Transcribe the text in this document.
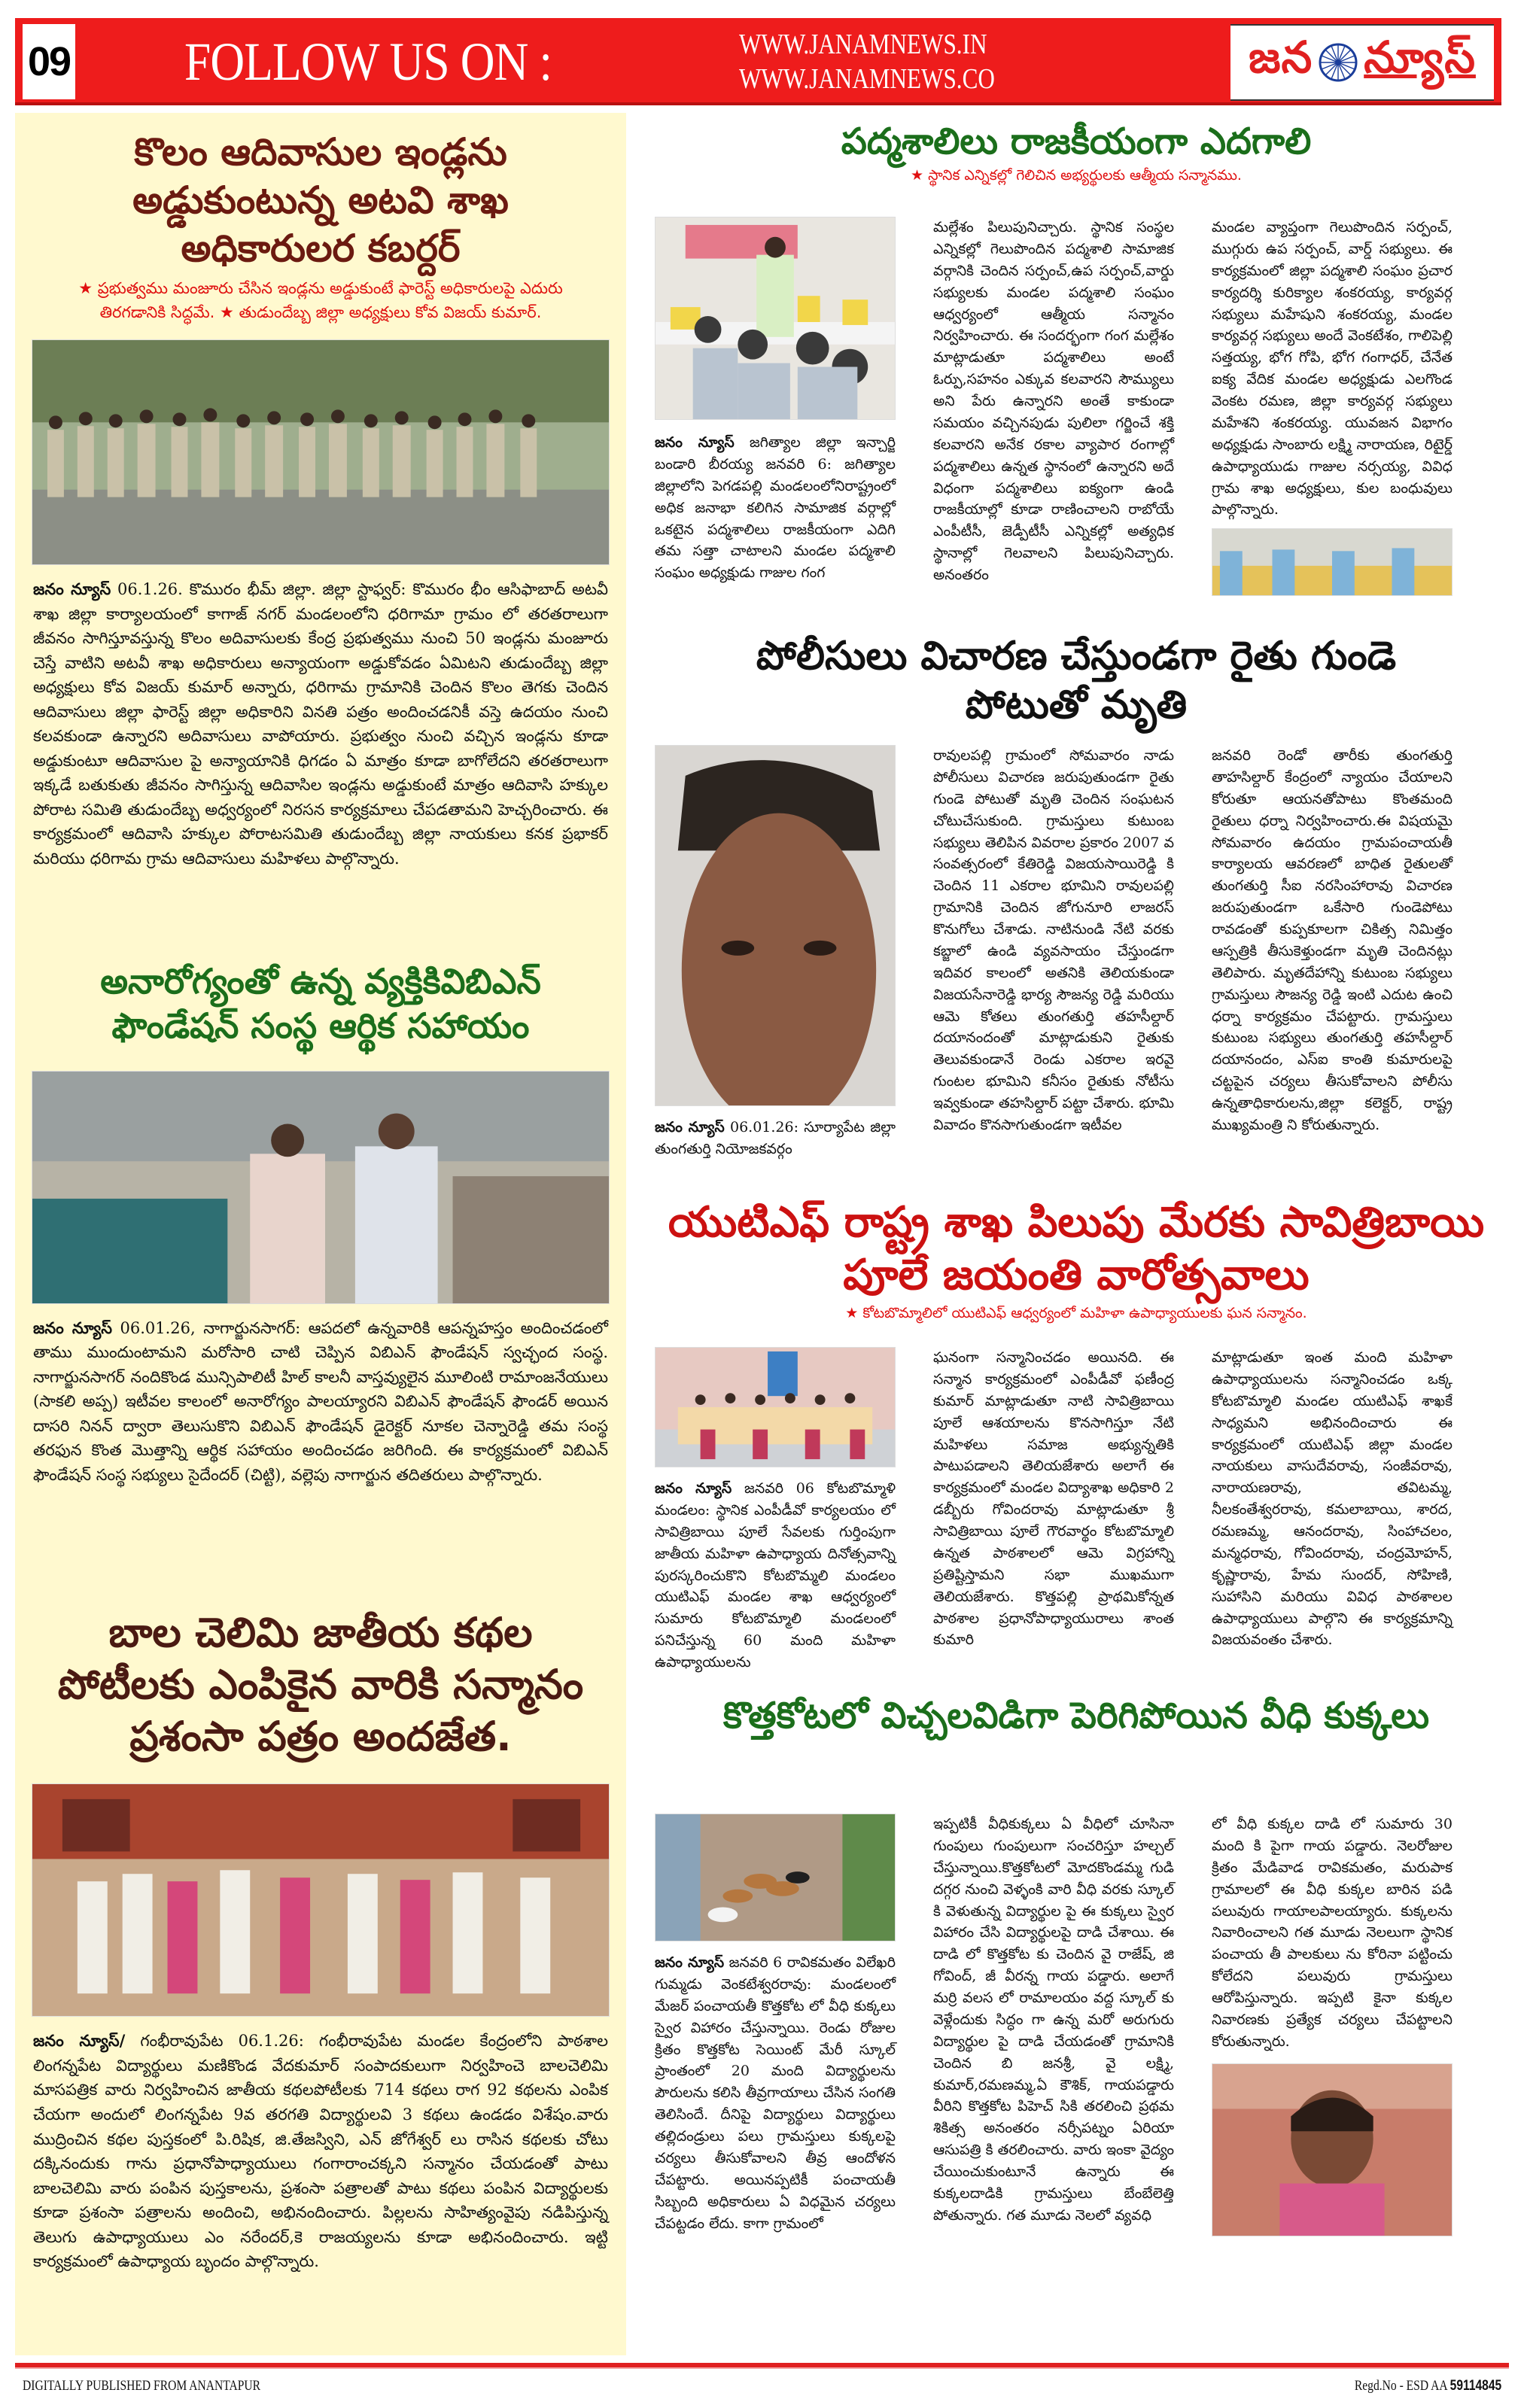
09 FOLLOW US ON :	WWW.JANAMNEWS.IN
WWW.JANAMNEWS.CO	జన న్యూస్
కొలం ఆదివాసుల ఇండ్లను అడ్డుకుంటున్న అటవి శాఖ అధికారులర కబర్దర్
★ ప్రభుత్వము మంజూరు చేసిన ఇండ్లను అడ్డుకుంటే ఫారెస్ట్ అధికారులపై ఎదురు తిరగడానికి సిద్ధమే. ★ తుడుందేబ్బ జిల్లా అధ్యక్షులు కోవ విజయ్ కుమార్.
జనం న్యూస్ 06.1.26. కొమురం భీమ్ జిల్లా. జిల్లా స్టాఫ్వర్: కొమురం భీం ఆసిఫాబాద్ అటవీ శాఖ జిల్లా కార్యాలయంలో కాగాజ్ నగర్ మండలంలోని ధరిగామా గ్రామం లో తరతరాలుగా జీవనం సాగిస్తూవస్తున్న కొలం అదివాసులకు కేంద్ర ప్రభుత్వము నుంచి 50 ఇండ్లను మంజూరు చెస్తే వాటిని అటవీ శాఖ అధికారులు అన్యాయంగా అడ్డుకోవడం ఏమిటని తుడుందేబ్బ జిల్లా అధ్యక్షులు కోవ విజయ్ కుమార్ అన్నారు, ధరిగామ గ్రామానికి చెందిన కొలం తెగకు చెందిన ఆదివాసులు జిల్లా ఫారెస్ట్ జిల్లా అధికారిని వినతి పత్రం అందించడనికీ వస్తె ఉదయం నుంచి కలవకుండా ఉన్నారని అదివాసులు వాపోయారు. ప్రభుత్వం నుంచి వచ్చిన ఇండ్లను కూడా అడ్డుకుంటూ ఆదివాసుల పై అన్యాయానికి ధిగడం ఏ మాత్రం కూడా బాగోలేదని తరతరాలుగా ఇక్కడే బతుకుతు జీవనం సాగిస్తున్న ఆదివాసిల ఇండ్లను అడ్డుకుంటే మాత్రం ఆదివాసి హక్కుల పోరాట సమితి తుడుందేబ్బ అధ్వర్యంలో నిరసన కార్యక్రమాలు చేపడతామని హెచ్చరించారు. ఈ కార్యక్రమంలో ఆదివాసి హక్కుల పోరాటసమితి తుడుందేబ్బ జిల్లా నాయకులు కనక ప్రభాకర్ మరియు ధరిగామ గ్రామ ఆదివాసులు మహిళలు పాల్గొన్నారు.
అనారోగ్యంతో ఉన్న వ్యక్తికివిబిఎన్ ఫౌండేషన్ సంస్థ ఆర్థిక సహాయం
జనం న్యూస్ 06.01.26, నాగార్జునసాగర్: ఆపదలో ఉన్నవారికి ఆపన్నహస్తం అందించడంలో తాము ముందుంటామని మరోసారి చాటి చెప్పిన విబిఎన్ ఫౌండేషన్ స్వచ్ఛంద సంస్థ. నాగార్జునసాగర్ నందికొండ మున్సిపాలిటీ హిల్ కాలనీ వాస్తవ్యులైన మూలింటి రామాంజనేయులు (సాకలి అప్ప) ఇటీవల కాలంలో అనారోగ్యం పాలయ్యారని విబిఎన్ ఫౌండేషన్ ఫౌండర్ అయిన దాసరి నినన్ ద్వారా తెలుసుకొని విబిఎన్ ఫౌండేషన్ డైరెక్టర్ నూకల చెన్నారెడ్డి తమ సంస్థ తరఫున కొంత మొత్తాన్ని ఆర్థిక సహాయం అందించడం జరిగింది. ఈ కార్యక్రమంలో విబిఎన్ ఫౌండేషన్ సంస్థ సభ్యులు సైదేందర్ (చిట్టి), వల్లెపు నాగార్జున తదితరులు పాల్గొన్నారు.
బాల చెలిమి జాతీయ కథల పోటీలకు ఎంపికైన వారికి సన్మానం ప్రశంసా పత్రం అందజేత.
జనం న్యూస్/ గంభీరావుపేట 06.1.26: గంభీరావుపేట మండల కేంద్రంలోని పాఠశాల లింగన్నపేట విద్యార్థులు మణికొండ వేదకుమార్ సంపాదకులుగా నిర్వహించె బాలచెలిమి మాసపత్రిక వారు నిర్వహించిన జాతీయ కథలపోటీలకు 714 కథలు రాగ 92 కథలను ఎంపిక చేయగా అందులో లింగన్నపేట 9వ తరగతి విద్యార్థులవి 3 కథలు ఉండడం విశేషం.వారు ముద్రించిన కథల పుస్తకంలో పి.రిషిక, జి.తేజస్విని, ఎన్ జోగేశ్వర్ లు రాసిన కథలకు చోటు దక్కినందుకు గాను ప్రధానోపాధ్యాయులు గంగారాంచక్కని సన్మానం చేయడంతో పాటు బాలచెలిమి వారు పంపిన పుస్తకాలను, ప్రశంసా పత్రాలతో పాటు కథలు పంపిన విద్యార్థులకు కూడా ప్రశంసా పత్రాలను అందించి, అభినందించారు. పిల్లలను సాహిత్యంవైపు నడిపిస్తున్న తెలుగు ఉపాధ్యాయులు ఎం నరేందర్,కె రాజయ్యలను కూడా అభినందించారు. ఇట్టి కార్యక్రమంలో ఉపాధ్యాయ బృందం పాల్గొన్నారు.
పద్మశాలిలు రాజకీయంగా ఎదగాలి
★ స్థానిక ఎన్నికల్లో గెలిచిన అభ్యర్థులకు ఆత్మీయ సన్మానము.
జనం న్యూస్ జగిత్యాల జిల్లా ఇన్చార్జి బండారి బీరయ్య జనవరి 6: జగిత్యాల జిల్లాలోని పెగడపల్లి మండలంలోనిరాష్ట్రంలో అధిక జనాభా కలిగిన సామాజిక వర్గాల్లో ఒకటైన పద్మశాలిలు రాజకీయంగా ఎదిగి తమ సత్తా చాటాలని మండల పద్మశాలి సంఘం అధ్యక్షుడు గాజుల గంగ
మల్లేశం పిలుపునిచ్చారు. స్థానిక సంస్థల ఎన్నికల్లో గెలుపొందిన పద్మశాలి సామాజిక వర్గానికి చెందిన సర్పంచ్,ఉప సర్పంచ్,వార్డు సభ్యులకు మండల పద్మశాలి సంఘం ఆధ్వర్యంలో ఆత్మీయ సన్మానం నిర్వహించారు. ఈ సందర్భంగా గంగ మల్లేశం మాట్లాడుతూ పద్మశాలిలు అంటే ఓర్పు,సహనం ఎక్కువ కలవారని సౌమ్యులు అని పేరు ఉన్నారని అంతే కాకుండా సమయం వచ్చినపుడు పులిలా గర్జించే శక్తి కలవారని అనేక రకాల వ్యాపార రంగాల్లో పద్మశాలిలు ఉన్నత స్థానంలో ఉన్నారని అదే విధంగా పద్మశాలిలు ఐక్యంగా ఉండి రాజకీయాల్లో కూడా రాణించాలని రాబోయే ఎంపీటీసీ, జెడ్పీటీసీ ఎన్నికల్లో అత్యధిక స్థానాల్లో గెలవాలని పిలుపునిచ్చారు. అనంతరం
మండల వ్యాప్తంగా గెలుపొందిన సర్పంచ్, ముగ్గురు ఉప సర్పంచ్, వార్డ్ సభ్యులు. ఈ కార్యక్రమంలో జిల్లా పద్మశాలి సంఘం ప్రచార కార్యదర్శి కురిక్యాల శంకరయ్య, కార్యవర్గ సభ్యులు మహేషుని శంకరయ్య, మండల కార్యవర్గ సభ్యులు అందే వెంకటేశం, గాలిపెల్లి సత్తయ్య, భోగ గోపి, భోగ గంగాధర్, చేనేత ఐక్య వేదిక మండల అధ్యక్షుడు ఎలగొండ వెంకట రమణ, జిల్లా కార్యవర్గ సభ్యులు మహేశని శంకరయ్య. యువజన విభాగం అధ్యక్షుడు సాంబారు లక్ష్మి నారాయణ, రిటైర్డ్ ఉపాధ్యాయుడు గాజుల నర్సయ్య, వివిధ గ్రామ శాఖ అధ్యక్షులు, కుల బంధువులు పాల్గొన్నారు.
పోలీసులు విచారణ చేస్తుండగా రైతు గుండె పోటుతో మృతి
జనం న్యూస్ 06.01.26: సూర్యాపేట జిల్లా తుంగతుర్తి నియోజకవర్గం
రావులపల్లి గ్రామంలో సోమవారం నాడు పోలీసులు విచారణ జరుపుతుండగా రైతు గుండె పోటుతో మృతి చెందిన సంఘటన చోటుచేసుకుంది. గ్రామస్తులు కుటుంబ సభ్యులు తెలిపిన వివరాల ప్రకారం 2007 వ సంవత్సరంలో కేతిరెడ్డి విజయసాయిరెడ్డి కి చెందిన 11 ఎకరాల భూమిని రావులపల్లి గ్రామానికి చెందిన జోగునూరి లాజరస్ కొనుగోలు చేశాడు. నాటినుండి నేటి వరకు కబ్జాలో ఉండి వ్యవసాయం చేస్తుండగా ఇదివర కాలంలో అతనికి తెలియకుండా విజయసేనారెడ్డి భార్య సౌజన్య రెడ్డి మరియు ఆమె కోతలు తుంగతుర్తి తహసీల్దార్ దయానందంతో మాట్లాడుకుని రైతుకు తెలువకుండానే రెండు ఎకరాల ఇరవై గుంటల భూమిని కనీసం రైతుకు నోటీసు ఇవ్వకుండా తహసిల్దార్ పట్టా చేశారు. భూమి వివాదం కొనసాగుతుండగా ఇటీవల
జనవరి రెండో తారీకు తుంగతుర్తి తాహసిల్దార్ కేంద్రంలో న్యాయం చేయాలని కోరుతూ ఆయనతోపాటు కొంతమంది రైతులు ధర్నా నిర్వహించారు.ఈ విషయమై సోమవారం ఉదయం గ్రామపంచాయతీ కార్యాలయ ఆవరణలో బాధిత రైతులతో తుంగతుర్తి సీఐ నరసింహారావు విచారణ జరుపుతుండగా ఒకేసారి గుండెపోటు రావడంతో కుప్పకూలగా చికిత్స నిమిత్తం ఆస్పత్రికి తీసుకెళ్తుండగా మృతి చెందినట్లు తెలిపారు. మృతదేహాన్ని కుటుంబ సభ్యులు గ్రామస్తులు సౌజన్య రెడ్డి ఇంటి ఎదుట ఉంచి ధర్నా కార్యక్రమం చేపట్టారు. గ్రామస్తులు కుటుంబ సభ్యులు తుంగతుర్తి తహసీల్దార్ దయానందం, ఎస్ఐ కాంతి కుమారులపై చట్టపైన చర్యలు తీసుకోవాలని పోలీసు ఉన్నతాధికారులను,జిల్లా కలెక్టర్, రాష్ట్ర ముఖ్యమంత్రి ని కోరుతున్నారు.
యుటిఎఫ్ రాష్ట్ర శాఖ పిలుపు మేరకు సావిత్రిబాయి పూలే జయంతి వారోత్సవాలు
★ కోటబొమ్మాలిలో యుటిఎఫ్ ఆధ్వర్యంలో మహిళా ఉపాధ్యాయులకు ఘన సన్మానం.
జనం న్యూస్ జనవరి 06 కోటబొమ్మాళి మండలం: స్థానిక ఎంపీడీవో కార్యలయం లో సావిత్రిబాయి పూలే సేవలకు గుర్తింపుగా జాతీయ మహిళా ఉపాధ్యాయ దినోత్సవాన్ని పురస్కరించుకొని కోటబొమ్మలి మండలం యుటిఎఫ్ మండల శాఖ ఆధ్వర్యంలో సుమారు కోటబొమ్మాలి మండలంలో పనిచేస్తున్న 60 మంది మహిళా ఉపాధ్యాయులను
ఘనంగా సన్మానించడం అయినది. ఈ సన్మాన కార్యక్రమంలో ఎంపీడీవో ఫణీంద్ర కుమార్ మాట్లాడుతూ నాటి సావిత్రిబాయి పూలే ఆశయాలను కొనసాగిస్తూ నేటి మహిళలు సమాజ అభ్యున్నతికి పాటుపడాలని తెలియజేశారు అలాగే ఈ కార్యక్రమంలో మండల విద్యాశాఖ అధికారి 2 డబ్బీరు గోవిందరావు మాట్లాడుతూ శ్రీ సావిత్రిబాయి పూలే గౌరవార్థం కోటబొమ్మాలి ఉన్నత పాఠశాలలో ఆమె విగ్రహాన్ని ప్రతిష్టిస్తామని సభా ముఖముగా తెలియజేశారు. కొత్తపల్లి ప్రాథమికోన్నత పాఠశాల ప్రధానోపాధ్యాయురాలు శాంత కుమారి
మాట్లాడుతూ ఇంత మంది మహిళా ఉపాధ్యాయులను సన్మానించడం ఒక్క కోటబొమ్మాలి మండల యుటిఎఫ్ శాఖకే సాధ్యమని అభినందించారు ఈ కార్యక్రమంలో యుటిఎఫ్ జిల్లా మండల నాయకులు వాసుదేవరావు, సంజీవరావు, నారాయణరావు, తవిటమ్మ, నీలకంతేశ్వరరావు, కమలాబాయి, శారద, రమణమ్మ, ఆనందరావు, సింహాచలం, మన్మధరావు, గోవిందరావు, చంద్రమోహన్, కృష్ణారావు, హేమ సుందర్, సోహిణి, సుహాసిని మరియు వివిధ పాఠశాలల ఉపాధ్యాయులు పాల్గొని ఈ కార్యక్రమాన్ని విజయవంతం చేశారు.
కొత్తకోటలో విచ్చలవిడిగా పెరిగిపోయిన వీధి కుక్కలు
జనం న్యూస్ జనవరి 6 రావికమతం విలేఖరి గుమ్మడు వెంకటేశ్వరరావు: మండలంలో మేజర్ పంచాయతీ కొత్తకోట లో వీధి కుక్కలు స్వైర విహారం చేస్తున్నాయి. రెండు రోజుల క్రితం కొత్తకోట సెయింట్ మేరీ స్కూల్ ప్రాంతంలో 20 మంది విద్యార్థులను పౌరులను కలిసి తీవ్రగాయాలు చేసిన సంగతి తెలిసిందే. దీనిపై విద్యార్థులు విద్యార్థులు తల్లిదండ్రులు పలు గ్రామస్తులు కుక్కలపై చర్యలు తీసుకోవాలని తీవ్ర ఆందోళన చేపట్టారు. అయినప్పటికీ పంచాయతీ సిబ్బంది అధికారులు ఏ విధమైన చర్యలు చేపట్టడం లేదు. కాగా గ్రామంలో
ఇప్పటికీ వీధికుక్కలు ఏ వీధిలో చూసినా గుంపులు గుంపులుగా సంచరిస్తూ హల్చల్ చేస్తున్నాయి.కొత్తకోటలో మోదకొండమ్మ గుడి దగ్గర నుంచి వెళ్ళంకి వారి వీధి వరకు స్కూల్ కి వెళుతున్న విద్యార్థుల పై ఈ కుక్కలు స్వైర విహారం చేసి విద్యార్థులపై దాడి చేశాయి. ఈ దాడి లో కొత్తకోట కు చెందిన వై రాజేష్, జి గోవింద్, జీ వీరన్న గాయ పడ్డారు. అలాగే మర్రి వలస లో రామాలయం వద్ద స్కూల్ కు వెళ్లేందుకు సిద్ధం గా ఉన్న మరో అరుగురు విద్యార్థుల పై దాడి చేయడంతో గ్రామానికి చెందిన బి జనశ్రీ, వై లక్ష్మి, కుమార్,రమణమ్మ,ఏ కౌశిక్, గాయపడ్డారు వీరిని కొత్తకోట పిహెచ్ సికి తరలించి ప్రథమ శికిత్స అనంతరం నర్సీపట్నం ఏరియా ఆసుపత్రి కి తరలించారు. వారు ఇంకా వైద్యం చేయించుకుంటూనే ఉన్నారు ఈ కుక్కలదాడికి గ్రామస్తులు బేంబేలెత్తి పోతున్నారు. గత మూడు నెలలో వ్యవధి
లో వీధి కుక్కల దాడి లో సుమారు 30 మంది కి పైగా గాయ పడ్డారు. నెలరోజుల క్రితం మేడివాడ రావికమతం, మరుపాక గ్రామాలలో ఈ వీధి కుక్కల బారిన పడి పలువురు గాయాలపాలయ్యారు. కుక్కలను నివారించాలని గత మూడు నెలలుగా స్థానిక పంచాయ తీ పాలకులు ను కోరినా పట్టించు కోలేదని పలువురు గ్రామస్తులు ఆరోపిస్తున్నారు. ఇప్పటి కైనా కుక్కల నివారణకు ప్రత్యేక చర్యలు చేపట్టాలని కోరుతున్నారు.
DIGITALLY PUBLISHED FROM ANANTAPUR	Regd.No - ESD AA 59114845
